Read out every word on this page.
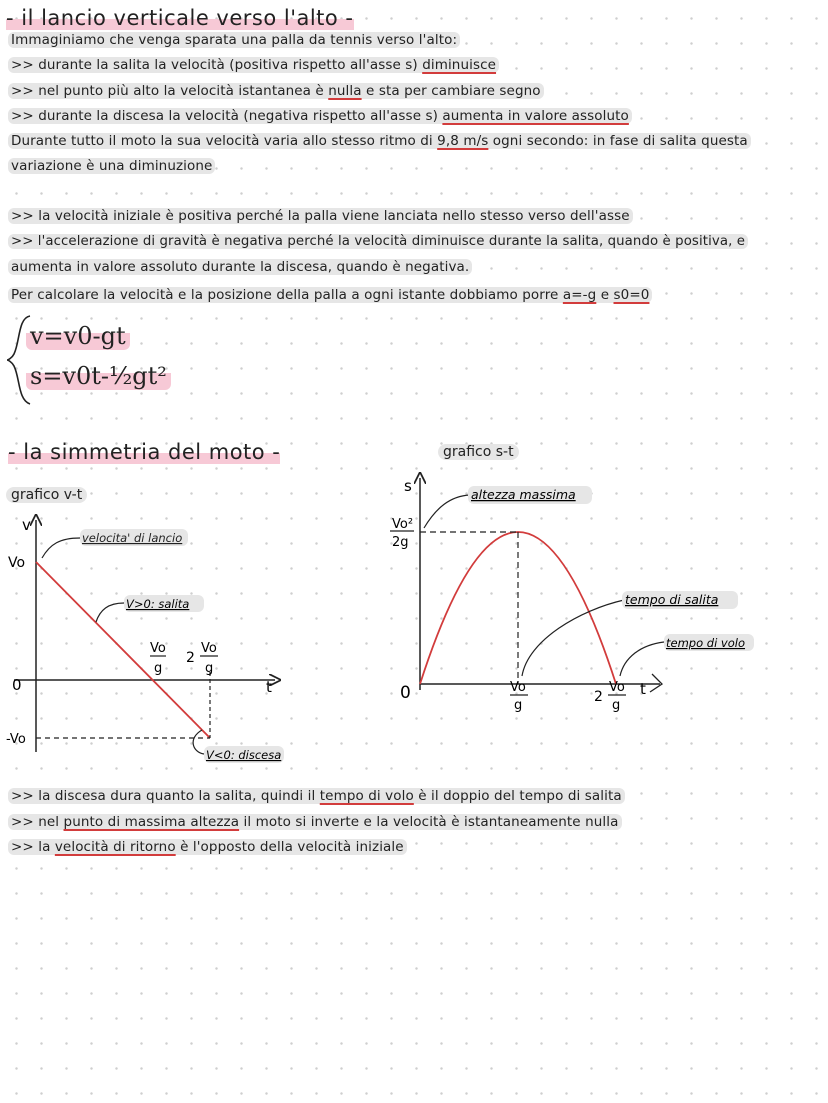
- il lancio verticale verso l'alto -
Immaginiamo che venga sparata una palla da tennis verso l'alto:
>> durante la salita la velocità (positiva rispetto all'asse s) diminuisce
>> nel punto più alto la velocità istantanea è nulla e sta per cambiare segno
>> durante la discesa la velocità (negativa rispetto all'asse s) aumenta in valore assoluto
Durante tutto il moto la sua velocità varia allo stesso ritmo di 9,8 m/s ogni secondo: in fase di salita questa
variazione è una diminuzione
>> la velocità iniziale è positiva perché la palla viene lanciata nello stesso verso dell'asse
>> l'accelerazione di gravità è negativa perché la velocità diminuisce durante la salita, quando è positiva, e
aumenta in valore assoluto durante la discesa, quando è negativa.
Per calcolare la velocità e la posizione della palla a ogni istante dobbiamo porre a=-g e s0=0
v=v0-gt
s=v0t-½gt²
- la simmetria del moto -
grafico v-t
grafico s-t
v
t
0
Vo
-Vo
Vo
g
2
Vo
g
velocita' di lancio
V>0: salita
V<0: discesa
s
t
0
Vo²
2g
Vo
g
2
Vo
g
altezza massima
tempo di salita
tempo di volo
>> la discesa dura quanto la salita, quindi il tempo di volo è il doppio del tempo di salita
>> nel punto di massima altezza il moto si inverte e la velocità è istantaneamente nulla
>> la velocità di ritorno è l'opposto della velocità iniziale
